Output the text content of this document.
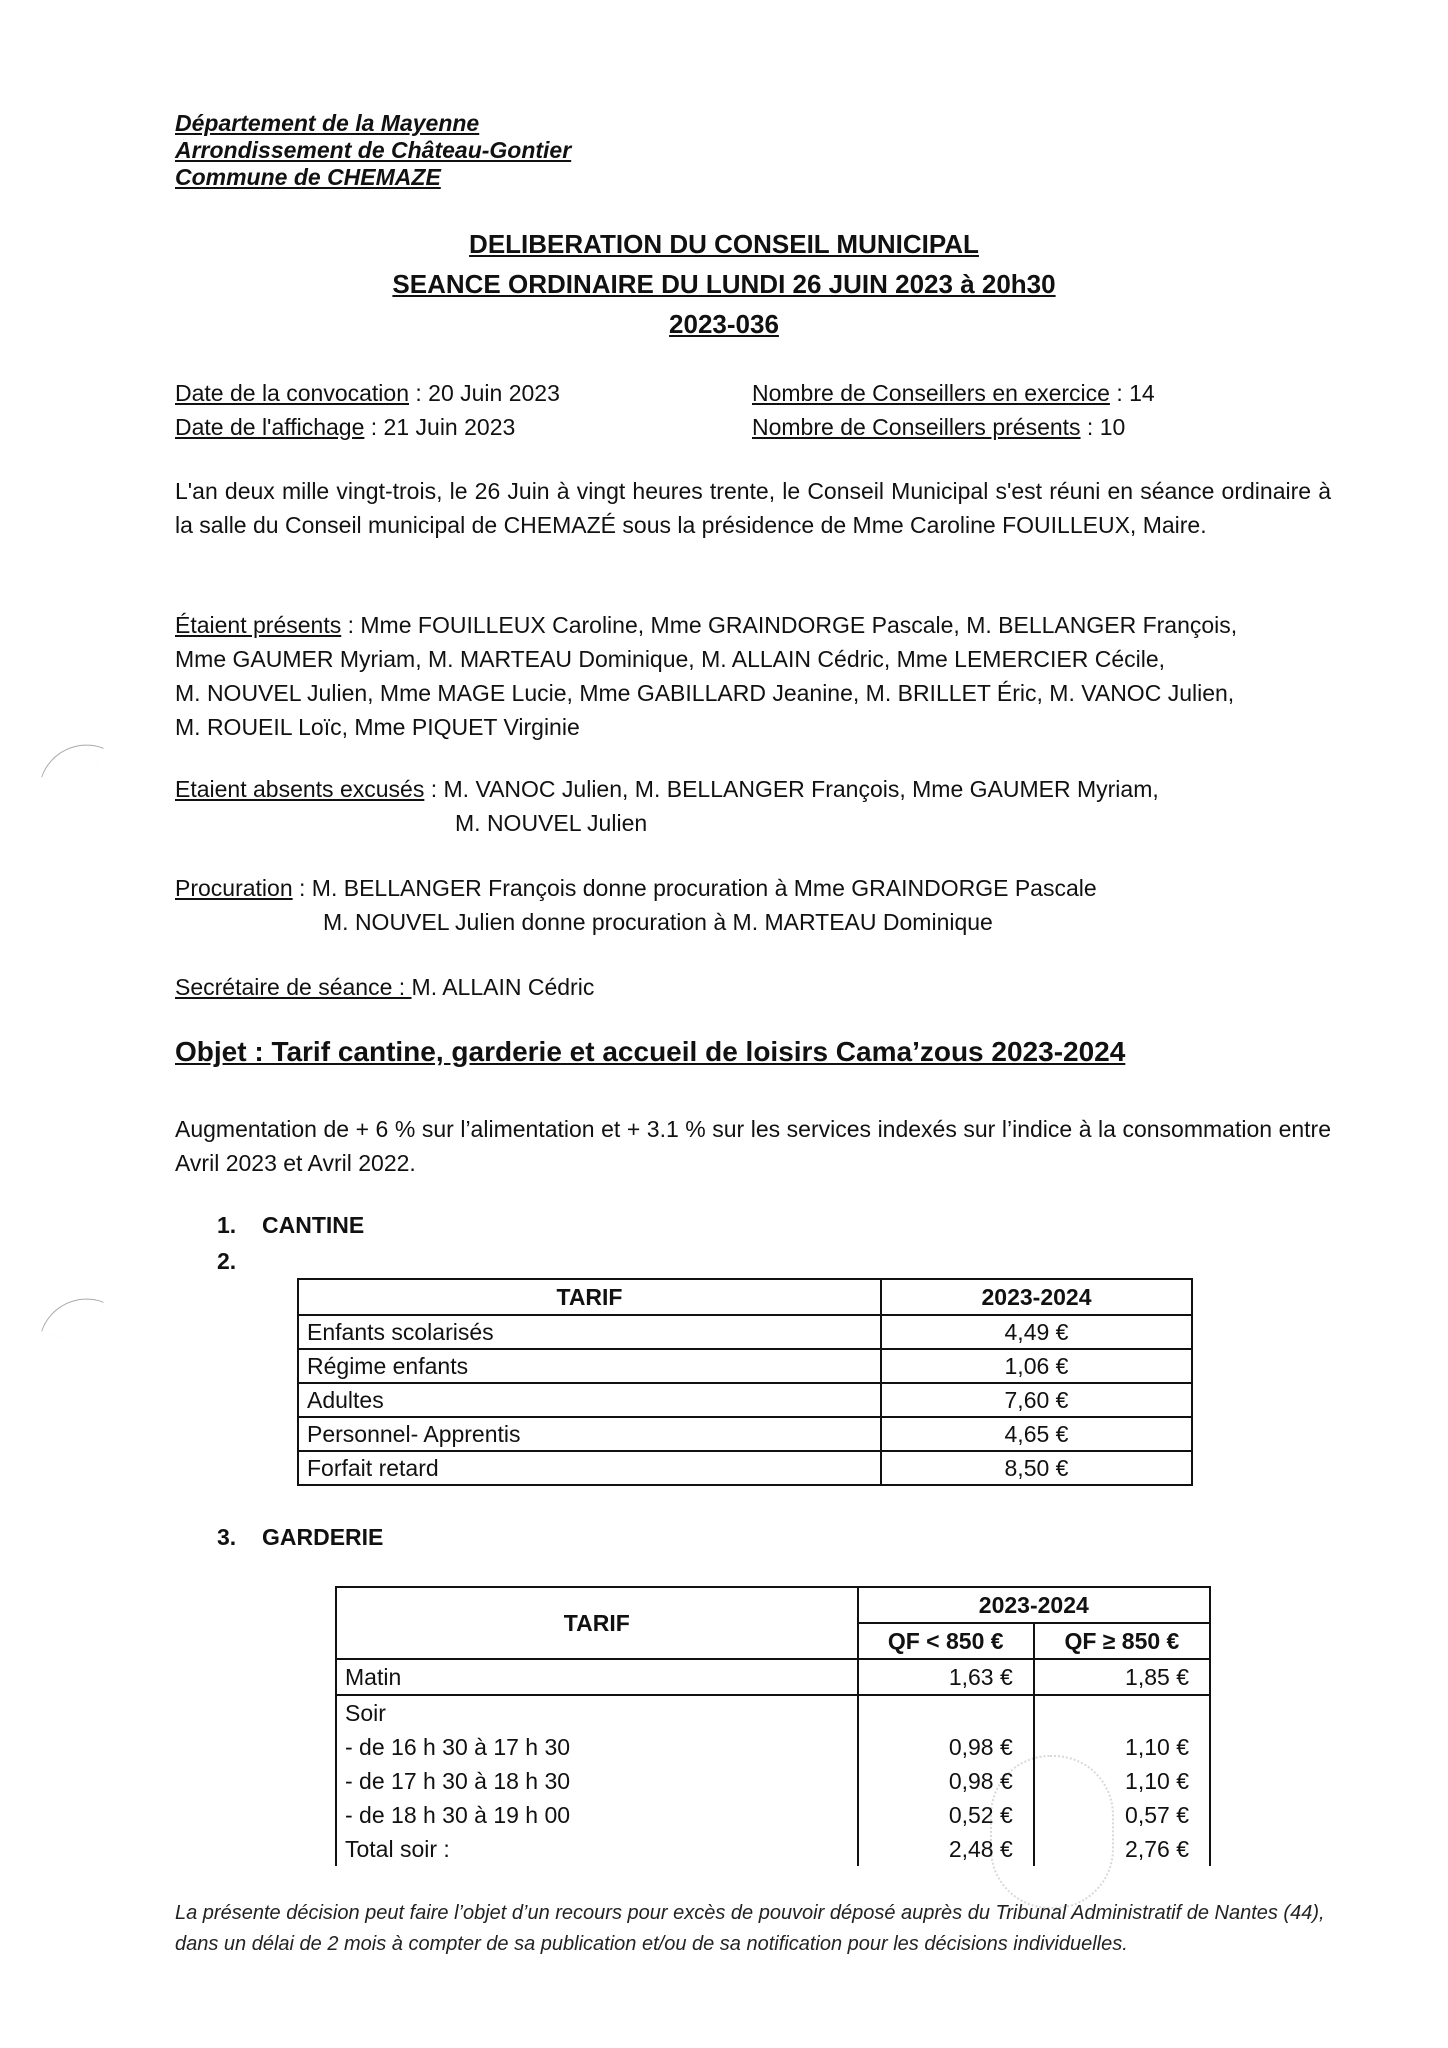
Département de la Mayenne
Arrondissement de Château-Gontier
Commune de CHEMAZE
DELIBERATION DU CONSEIL MUNICIPAL
SEANCE ORDINAIRE DU LUNDI 26 JUIN 2023 à 20h30
2023-036
Date de la convocation : 20 Juin 2023
Date de l'affichage : 21 Juin 2023
Nombre de Conseillers en exercice : 14
Nombre de Conseillers présents : 10

L'an deux mille vingt-trois, le 26 Juin à vingt heures trente, le Conseil Municipal s'est réuni en séance ordinaire à la salle du Conseil municipal de CHEMAZÉ sous la présidence de Mme Caroline FOUILLEUX, Maire.

Étaient présents : Mme FOUILLEUX Caroline, Mme GRAINDORGE Pascale, M. BELLANGER François,
Mme GAUMER Myriam, M. MARTEAU Dominique, M. ALLAIN Cédric, Mme LEMERCIER Cécile,
M. NOUVEL Julien, Mme MAGE Lucie, Mme GABILLARD Jeanine, M. BRILLET Éric, M. VANOC Julien,
M. ROUEIL Loïc, Mme PIQUET Virginie
Etaient absents excusés : M. VANOC Julien, M. BELLANGER François, Mme GAUMER Myriam,
M. NOUVEL Julien
Procuration : M. BELLANGER François donne procuration à Mme GRAINDORGE Pascale
M. NOUVEL Julien donne procuration à M. MARTEAU Dominique
Secrétaire de séance : M. ALLAIN Cédric
Objet : Tarif cantine, garderie et accueil de loisirs Cama’zous 2023-2024

Augmentation de + 6 % sur l’alimentation et + 3.1 % sur les services indexés sur l’indice à la consommation entre Avril 2023 et Avril 2022.

1. CANTINE
2.
TARIF	2023-2024
Enfants scolarisés	4,49 €
Régime enfants	1,06 €
Adultes	7,60 €
Personnel- Apprentis	4,65 €
Forfait retard	8,50 €
3. GARDERIE
TARIF	2023-2024	
	QF < 850 €	QF ≥ 850 €
Matin	1,63 €	1,85 €
Soir		
- de 16 h 30 à 17 h 30	0,98 €	1,10 €
- de 17 h 30 à 18 h 30	0,98 €	1,10 €
- de 18 h 30 à 19 h 00	0,52 €	0,57 €
Total soir :	2,48 €	2,76 €
La présente décision peut faire l’objet d’un recours pour excès de pouvoir déposé auprès du Tribunal Administratif de Nantes (44), dans un délai de 2 mois à compter de sa publication et/ou de sa notification pour les décisions individuelles.
